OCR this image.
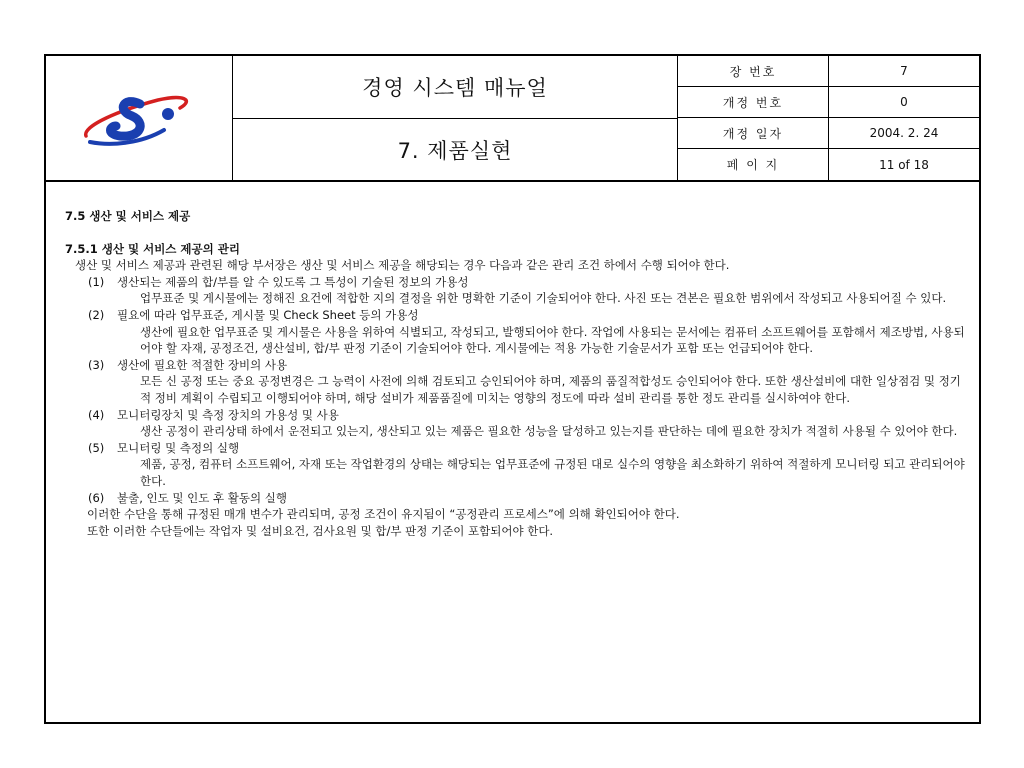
경영 시스템 매뉴얼
7. 제품실현
장 번호	7
개정 번호	0
개정 일자	2004. 2. 24
페 이 지	11 of 18
7.5 생산 및 서비스 제공
7.5.1 생산 및 서비스 제공의 관리
생산 및 서비스 제공과 관련된 해당 부서장은 생산 및 서비스 제공을 해당되는 경우 다음과 같은 관리 조건 하에서 수행 되어야 한다.
(1)	생산되는 제품의 합/부를 알 수 있도록 그 특성이 기술된 정보의 가용성
업무표준 및 게시물에는 정해진 요건에 적합한 지의 결정을 위한 명확한 기준이 기술되어야 한다. 사진 또는 견본은 필요한 범위에서 작성되고 사용되어질 수 있다.
(2)	필요에 따라 업무표준, 게시물 및 Check Sheet 등의 가용성
생산에 필요한 업무표준 및 게시물은 사용을 위하여 식별되고, 작성되고, 발행되어야 한다. 작업에 사용되는 문서에는 컴퓨터 소프트웨어를 포함해서 제조방법, 사용되어야 할 자재, 공정조건, 생산설비, 합/부 판정 기준이 기술되어야 한다. 게시물에는 적용 가능한 기술문서가 포함 또는 언급되어야 한다.
(3)	생산에 필요한 적절한 장비의 사용
모든 신 공정 또는 중요 공정변경은 그 능력이 사전에 의해 검토되고 승인되어야 하며, 제품의 품질적합성도 승인되어야 한다. 또한 생산설비에 대한 일상점검 및 정기적 정비 계획이 수립되고 이행되어야 하며, 해당 설비가 제품품질에 미치는 영향의 정도에 따라 설비 관리를 통한 정도 관리를 실시하여야 한다.
(4)	모니터링장치 및 측정 장치의 가용성 및 사용
생산 공정이 관리상태 하에서 운전되고 있는지, 생산되고 있는 제품은 필요한 성능을 달성하고 있는지를 판단하는 데에 필요한 장치가 적절히 사용될 수 있어야 한다.
(5)	모니터링 및 측정의 실행
제품, 공정, 컴퓨터 소프트웨어, 자재 또는 작업환경의 상태는 해당되는 업무표준에 규정된 대로 실수의 영향을 최소화하기 위하여 적절하게 모니터링 되고 관리되어야 한다.
(6)	불출, 인도 및 인도 후 활동의 실행
이러한 수단을 통해 규정된 매개 변수가 관리되며, 공정 조건이 유지됨이 “공정관리 프로세스”에 의해 확인되어야 한다.
또한 이러한 수단들에는 작업자 및 설비요건, 검사요원 및 합/부 판정 기준이 포함되어야 한다.
